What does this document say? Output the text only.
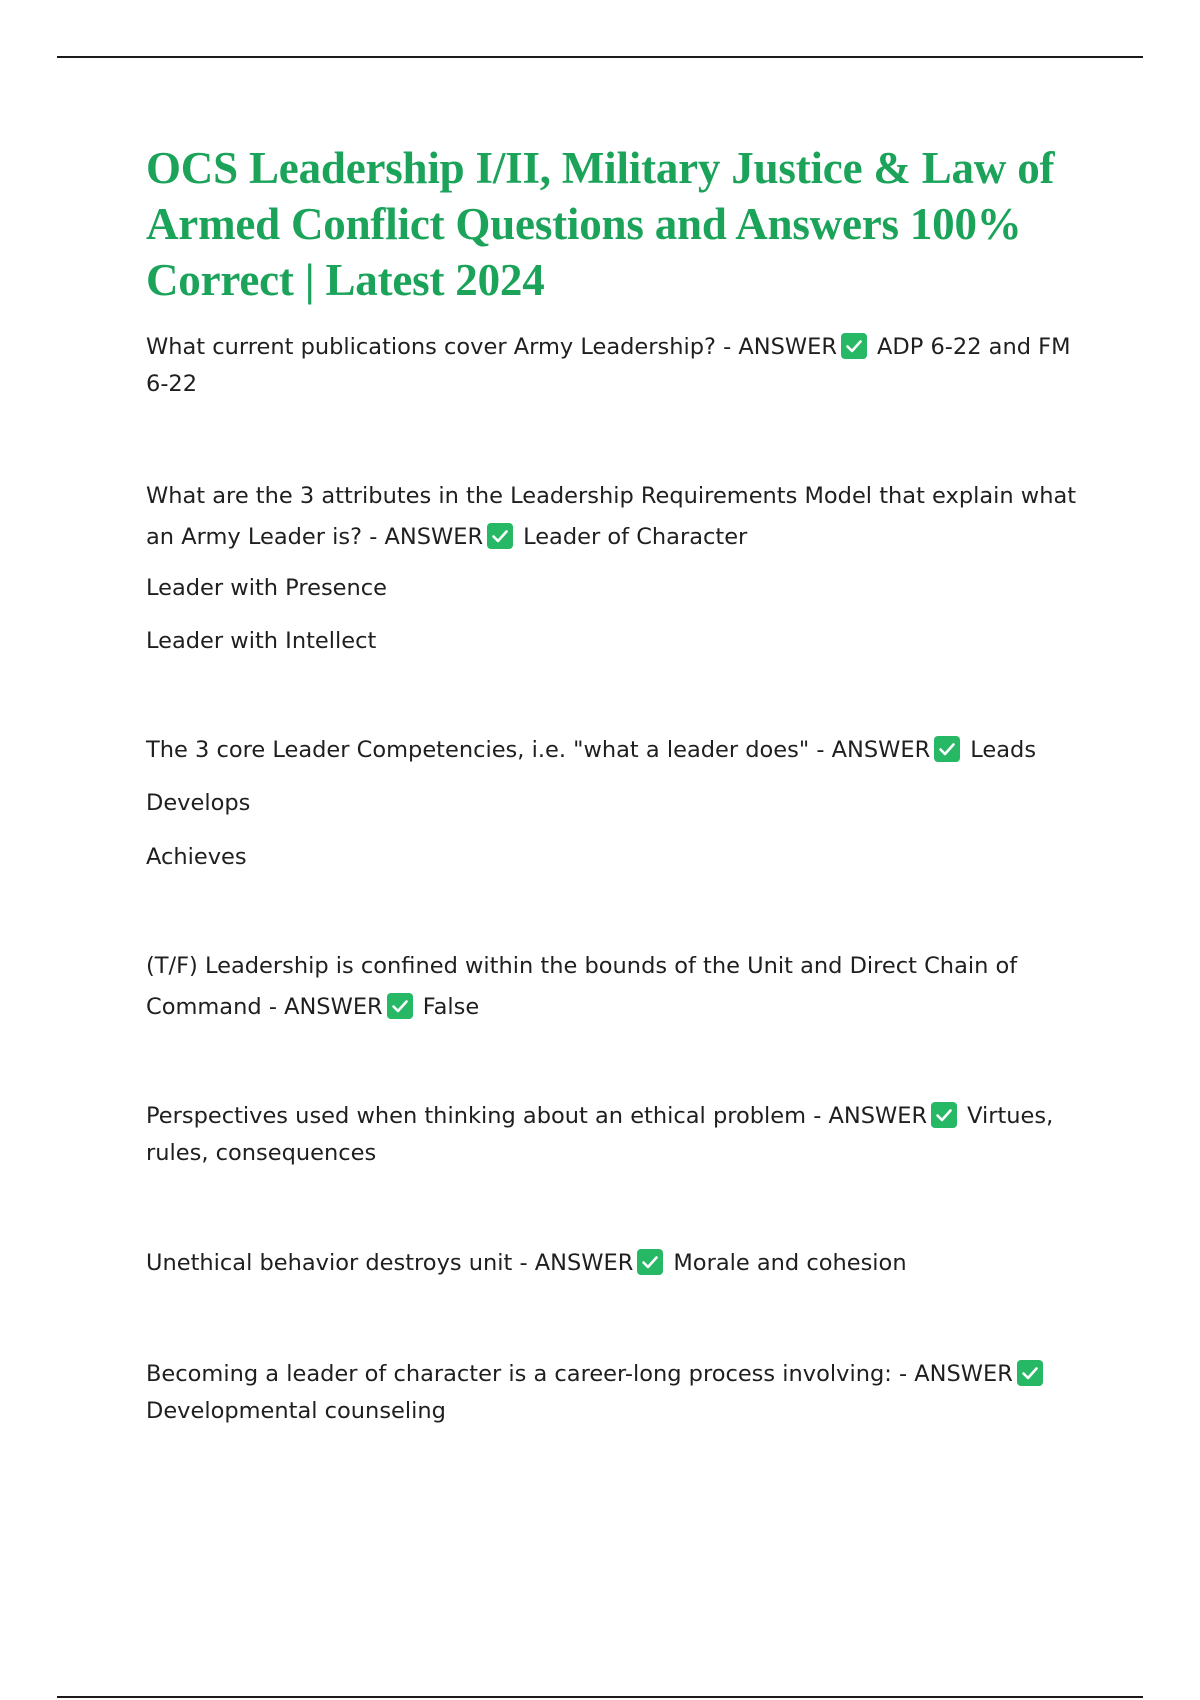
OCS Leadership I/II, Military Justice & Law of Armed Conflict Questions and Answers 100% Correct | Latest 2024

What current publications cover Army Leadership? - ANSWER ADP 6-22 and FM 6-22

What are the 3 attributes in the Leadership Requirements Model that explain what an Army Leader is? - ANSWER Leader of Character

Leader with Presence

Leader with Intellect

The 3 core Leader Competencies, i.e. "what a leader does" - ANSWER Leads

Develops

Achieves

(T/F) Leadership is confined within the bounds of the Unit and Direct Chain of Command - ANSWER False

Perspectives used when thinking about an ethical problem - ANSWER Virtues, rules, consequences

Unethical behavior destroys unit - ANSWER Morale and cohesion

Becoming a leader of character is a career-long process involving: - ANSWER
Developmental counseling
